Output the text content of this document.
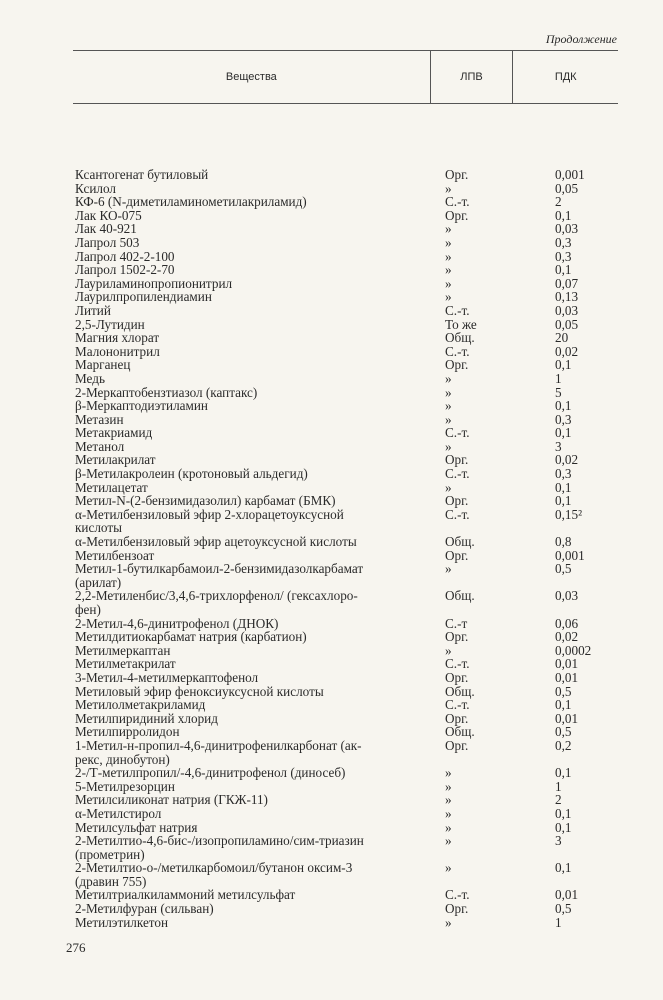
Продолжение
Вещества	ЛПВ	ПДК
Ксантогенат бутиловый	Орг.	0,001
Ксилол	»	0,05
КФ-6 (N-диметиламинометилакриламид)	С.-т.	2
Лак КО-075	Орг.	0,1
Лак 40-921	»	0,03
Лапрол 503	»	0,3
Лапрол 402-2-100	»	0,3
Лапрол 1502-2-70	»	0,1
Лауриламинопропионитрил	»	0,07
Лаурилпропилендиамин	»	0,13
Литий	С.-т.	0,03
2,5-Лутидин	То же	0,05
Магния хлорат	Общ.	20
Малононитрил	С.-т.	0,02
Марганец	Орг.	0,1
Медь	»	1
2-Меркаптобензтиазол (каптакс)	»	5
β-Меркаптодиэтиламин	»	0,1
Метазин	»	0,3
Метакриамид	С.-т.	0,1
Метанол	»	3
Метилакрилат	Орг.	0,02
β-Метилакролеин (кротоновый альдегид)	С.-т.	0,3
Метилацетат	»	0,1
Метил-N-(2-бензимидазолил) карбамат (БМК)	Орг.	0,1
α-Метилбензиловый эфир 2-хлорацетоуксусной	С.-т.	0,15²
кислоты
α-Метилбензиловый эфир ацетоуксусной кислоты	Общ.	0,8
Метилбензоат	Орг.	0,001
Метил-1-бутилкарбамоил-2-бензимидазолкарбамат	»	0,5
(арилат)
2,2-Метиленбис/3,4,6-трихлорфенол/ (гексахлоро-	Общ.	0,03
фен)
2-Метил-4,6-динитрофенол (ДНОК)	С.-т	0,06
Метилдитиокарбамат натрия (карбатион)	Орг.	0,02
Метилмеркаптан	»	0,0002
Метилметакрилат	С.-т.	0,01
3-Метил-4-метилмеркаптофенол	Орг.	0,01
Метиловый эфир феноксиуксусной кислоты	Общ.	0,5
Метилолметакриламид	С.-т.	0,1
Метилпиридиний хлорид	Орг.	0,01
Метилпирролидон	Общ.	0,5
1-Метил-н-пропил-4,6-динитрофенилкарбонат (ак-	Орг.	0,2
рекс, динобутон)
2-/Т-метилпропил/-4,6-динитрофенол (диносеб)	»	0,1
5-Метилрезорцин	»	1
Метилсиликонат натрия (ГКЖ-11)	»	2
α-Метилстирол	»	0,1
Метилсульфат натрия	»	0,1
2-Метилтио-4,6-бис-/изопропиламино/сим-триазин	»	3
(прометрин)
2-Метилтио-о-/метилкарбомоил/бутанон оксим-3	»	0,1
(дравин 755)
Метилтриалкиламмоний метилсульфат	С.-т.	0,01
2-Метилфуран (сильван)	Орг.	0,5
Метилэтилкетон	»	1
276
